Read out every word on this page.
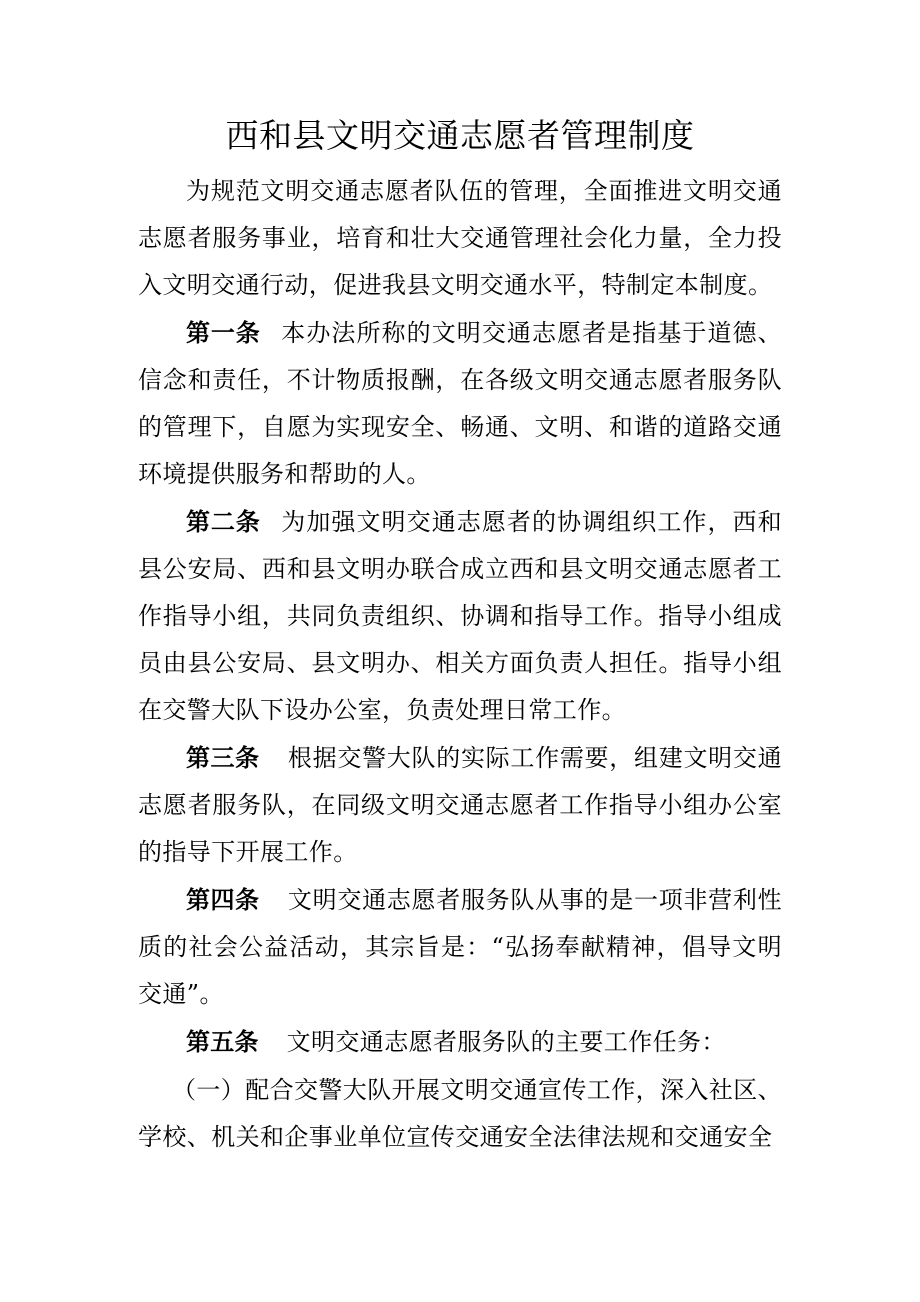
西和县文明交通志愿者管理制度

为规范文明交通志愿者队伍的管理，全面推进文明交通志愿者服务事业，培育和壮大交通管理社会化力量，全力投入文明交通行动，促进我县文明交通水平，特制定本制度。

第一条 本办法所称的文明交通志愿者是指基于道德、信念和责任，不计物质报酬，在各级文明交通志愿者服务队的管理下，自愿为实现安全、畅通、文明、和谐的道路交通环境提供服务和帮助的人。

第二条 为加强文明交通志愿者的协调组织工作，西和县公安局、西和县文明办联合成立西和县文明交通志愿者工作指导小组，共同负责组织、协调和指导工作。指导小组成员由县公安局、县文明办、相关方面负责人担任。指导小组在交警大队下设办公室，负责处理日常工作。

第三条 根据交警大队的实际工作需要，组建文明交通志愿者服务队，在同级文明交通志愿者工作指导小组办公室的指导下开展工作。

第四条 文明交通志愿者服务队从事的是一项非营利性质的社会公益活动，其宗旨是：“弘扬奉献精神，倡导文明交通”。

第五条 文明交通志愿者服务队的主要工作任务：

（一）配合交警大队开展文明交通宣传工作，深入社区、学校、机关和企事业单位宣传交通安全法律法规和交通安全
